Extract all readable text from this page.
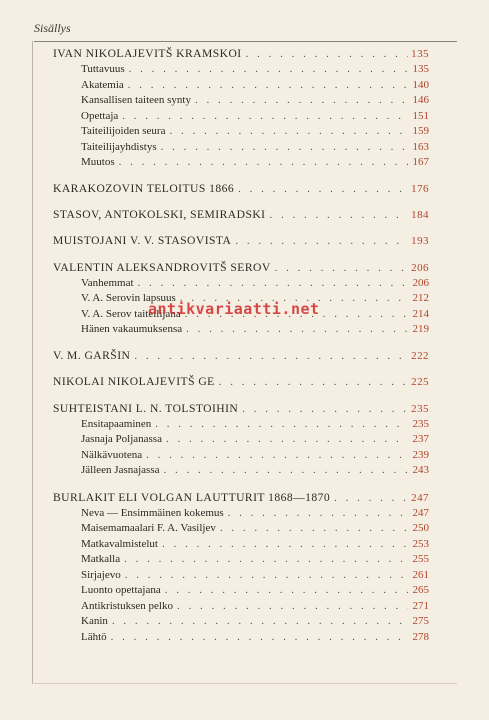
Sisällys
IVAN NIKOLAJEVITŠ KRAMSKOI . . .	135
Tuttavuus . . .	135
Akatemia . . .	140
Kansallisen taiteen synty . . .	146
Opettaja . . .	151
Taiteilijoiden seura . . .	159
Taiteilijayhdistys . . .	163
Muutos . . .	167
KARAKOZOVIN TELOITUS 1866 . . .	176
STASOV, ANTOKOLSKI, SEMIRADSKI . . .	184
MUISTOJANI V. V. STASOVISTA . . .	193
VALENTIN ALEKSANDROVITŠ SEROV . . .	206
Vanhemmat . . .	206
V. A. Serovin lapsuus . . .	212
V. A. Serov taiteilijana . . .	214
Hänen vakaumuksensa . . .	219
V. M. GARŠIN . . .	222
NIKOLAI NIKOLAJEVITŠ GE . . .	225
SUHTEISTANI L. N. TOLSTOIHIN . . .	235
Ensitapaaminen . . .	235
Jasnaja Poljanassa . . .	237
Nälkävuotena . . .	239
Jälleen Jasnajassa . . .	243
BURLAKIT ELI VOLGAN LAUTTURIT 1868—1870 . . .	247
Neva — Ensimmäinen kokemus . . .	247
Maisemamaalari F. A. Vasiljev . . .	250
Matkavalmistelut . . .	253
Matkalla . . .	255
Sirjajevo . . .	261
Luonto opettajana . . .	265
Antikristuksen pelko . . .	271
Kanin . . .	275
Lähtö . . .	278
antikvariaatti.net
